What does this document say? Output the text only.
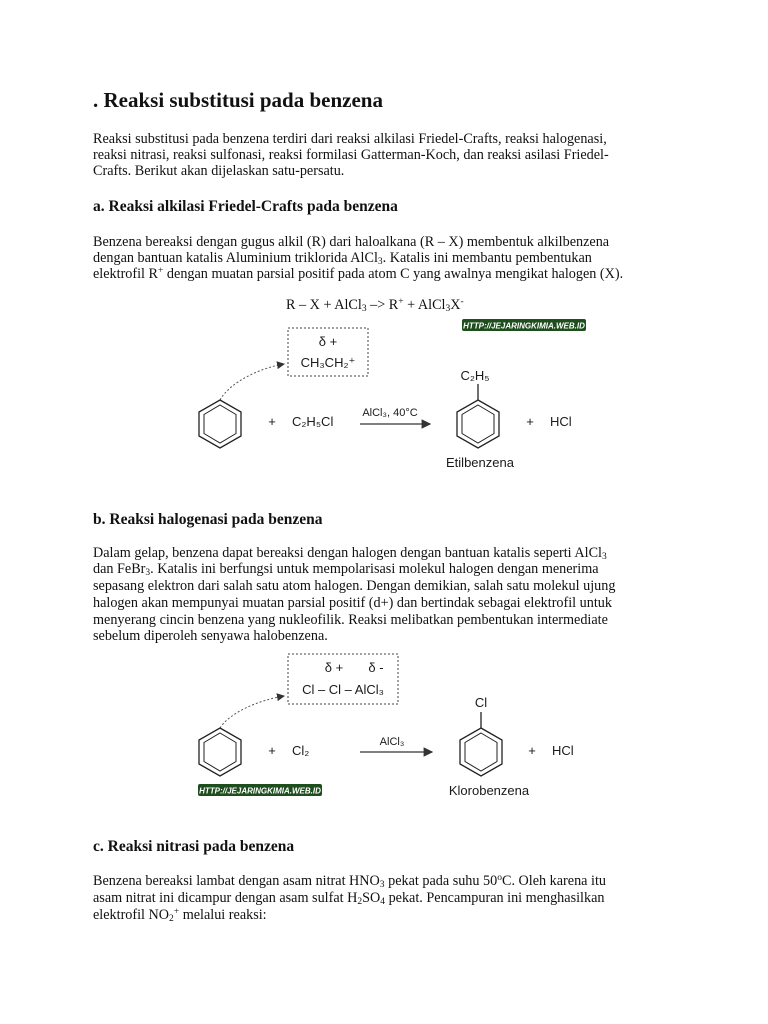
. Reaksi substitusi pada benzena
Reaksi substitusi pada benzena terdiri dari reaksi alkilasi Friedel-Crafts, reaksi halogenasi,
reaksi nitrasi, reaksi sulfonasi, reaksi formilasi Gatterman-Koch, dan reaksi asilasi Friedel-
Crafts. Berikut akan dijelaskan satu-persatu.
a. Reaksi alkilasi Friedel-Crafts pada benzena
Benzena bereaksi dengan gugus alkil (R) dari haloalkana (R – X) membentuk alkilbenzena
dengan bantuan katalis Aluminium triklorida AlCl$_3$. Katalis ini membantu pembentukan
elektrofil R+ dengan muatan parsial positif pada atom C yang awalnya mengikat halogen (X).
R – X + AlCl$_3$ –> R+ + AlCl$_3$X-
HTTP://JEJARINGKIMIA.WEB.ID
δ +
CH₃CH₂⁺
+ C₂H₅Cl
AlCl₃, 40°C
C₂H₅
+ HCl
Etilbenzena
b. Reaksi halogenasi pada benzena
Dalam gelap, benzena dapat bereaksi dengan halogen dengan bantuan katalis seperti AlCl$_3$
dan FeBr$_3$. Katalis ini berfungsi untuk mempolarisasi molekul halogen dengan menerima
sepasang elektron dari salah satu atom halogen. Dengan demikian, salah satu molekul ujung
halogen akan mempunyai muatan parsial positif (d+) dan bertindak sebagai elektrofil untuk
menyerang cincin benzena yang nukleofilik. Reaksi melibatkan pembentukan intermediate
sebelum diperoleh senyawa halobenzena.
δ + δ -
Cl – Cl – AlCl₃
+ Cl₂
AlCl₃
Cl
+ HCl
Klorobenzena
HTTP://JEJARINGKIMIA.WEB.ID
c. Reaksi nitrasi pada benzena
Benzena bereaksi lambat dengan asam nitrat $HNO_3$ pekat pada suhu 50$^o$C. Oleh karena itu
asam nitrat ini dicampur dengan asam sulfat $H_2SO_4$ pekat. Pencampuran ini menghasilkan
elektrofil $NO_2^+$ melalui reaksi:
